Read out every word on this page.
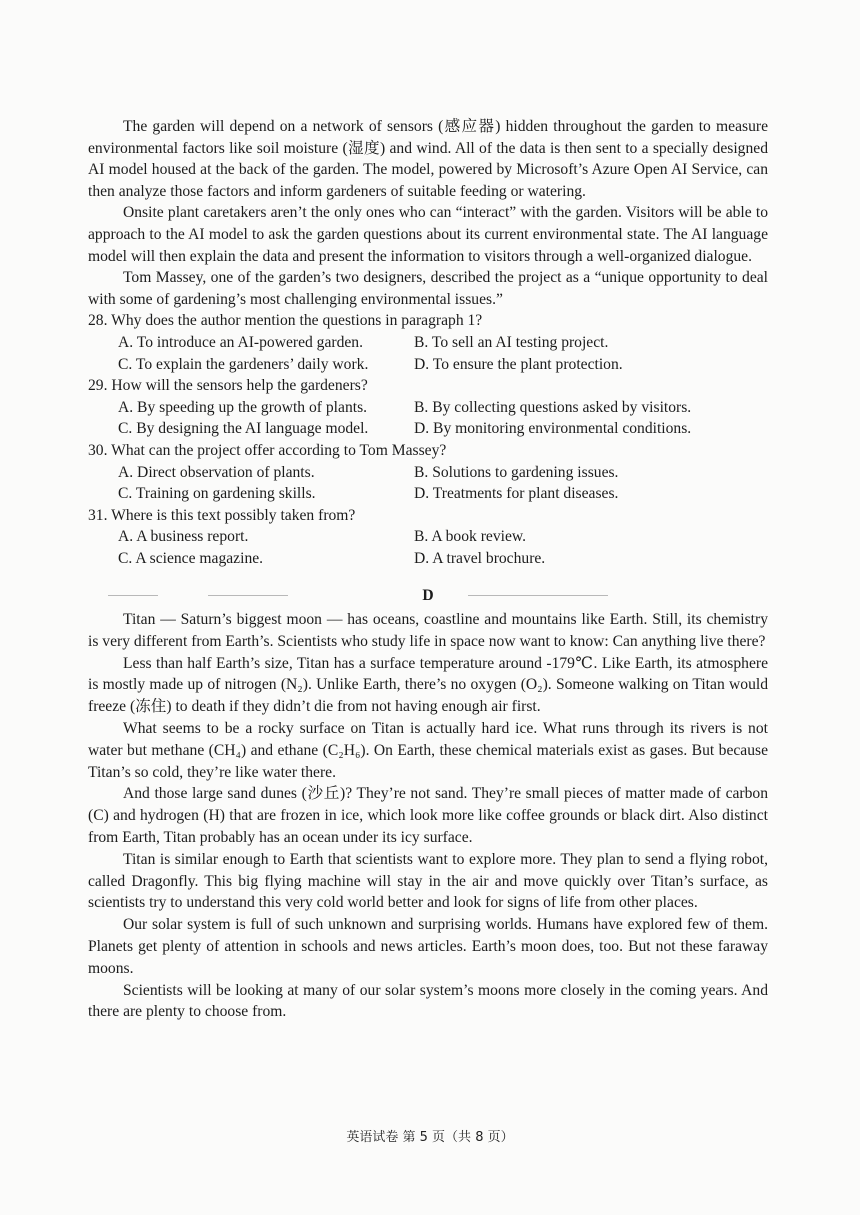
The garden will depend on a network of sensors (感应器) hidden throughout the garden to measure environmental factors like soil moisture (湿度) and wind. All of the data is then sent to a specially designed AI model housed at the back of the garden. The model, powered by Microsoft’s Azure Open AI Service, can then analyze those factors and inform gardeners of suitable feeding or watering.

Onsite plant caretakers aren’t the only ones who can “interact” with the garden. Visitors will be able to approach to the AI model to ask the garden questions about its current environmental state. The AI language model will then explain the data and present the information to visitors through a well-organized dialogue.

Tom Massey, one of the garden’s two designers, described the project as a “unique opportunity to deal with some of gardening’s most challenging environmental issues.”

28. Why does the author mention the questions in paragraph 1?
A. To introduce an AI-powered garden.	B. To sell an AI testing project.
C. To explain the gardeners’ daily work.	D. To ensure the plant protection.
29. How will the sensors help the gardeners?
A. By speeding up the growth of plants.	B. By collecting questions asked by visitors.
C. By designing the AI language model.	D. By monitoring environmental conditions.
30. What can the project offer according to Tom Massey?
A. Direct observation of plants.	B. Solutions to gardening issues.
C. Training on gardening skills.	D. Treatments for plant diseases.
31. Where is this text possibly taken from?
A. A business report.	B. A book review.
C. A science magazine.	D. A travel brochure.
D

Titan — Saturn’s biggest moon — has oceans, coastline and mountains like Earth. Still, its chemistry is very different from Earth’s. Scientists who study life in space now want to know: Can anything live there?

Less than half Earth’s size, Titan has a surface temperature around -179℃. Like Earth, its atmosphere is mostly made up of nitrogen (N₂). Unlike Earth, there’s no oxygen (O₂). Someone walking on Titan would freeze (冻住) to death if they didn’t die from not having enough air first.

What seems to be a rocky surface on Titan is actually hard ice. What runs through its rivers is not water but methane (CH₄) and ethane (C₂H₆). On Earth, these chemical materials exist as gases. But because Titan’s so cold, they’re like water there.

And those large sand dunes (沙丘)? They’re not sand. They’re small pieces of matter made of carbon (C) and hydrogen (H) that are frozen in ice, which look more like coffee grounds or black dirt. Also distinct from Earth, Titan probably has an ocean under its icy surface.

Titan is similar enough to Earth that scientists want to explore more. They plan to send a flying robot, called Dragonfly. This big flying machine will stay in the air and move quickly over Titan’s surface, as scientists try to understand this very cold world better and look for signs of life from other places.

Our solar system is full of such unknown and surprising worlds. Humans have explored few of them. Planets get plenty of attention in schools and news articles. Earth’s moon does, too. But not these faraway moons.

Scientists will be looking at many of our solar system’s moons more closely in the coming years. And there are plenty to choose from.

英语试卷 第 5 页（共 8 页）
